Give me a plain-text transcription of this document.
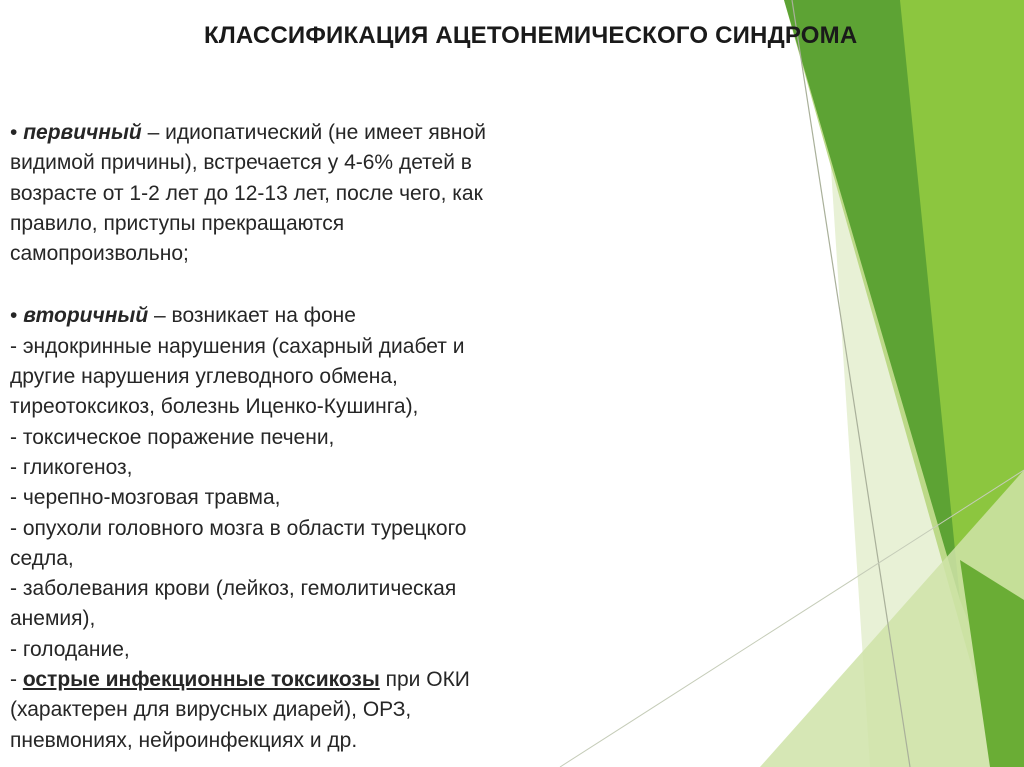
КЛАССИФИКАЦИЯ АЦЕТОНЕМИЧЕСКОГО СИНДРОМА
• первичный – идиопатический (не имеет явной
видимой причины), встречается у 4-6% детей в
возрасте от 1-2 лет до 12-13 лет, после чего, как
правило, приступы прекращаются
самопроизвольно;
• вторичный – возникает на фоне
- эндокринные нарушения (сахарный диабет и
другие нарушения углеводного обмена,
тиреотоксикоз, болезнь Иценко-Кушинга),
- токсическое поражение печени,
- гликогеноз,
- черепно-мозговая травма,
- опухоли головного мозга в области турецкого
седла,
- заболевания крови (лейкоз, гемолитическая
анемия),
- голодание,
- острые инфекционные токсикозы при ОКИ
(характерен для вирусных диарей), ОРЗ,
пневмониях, нейроинфекциях и др.
